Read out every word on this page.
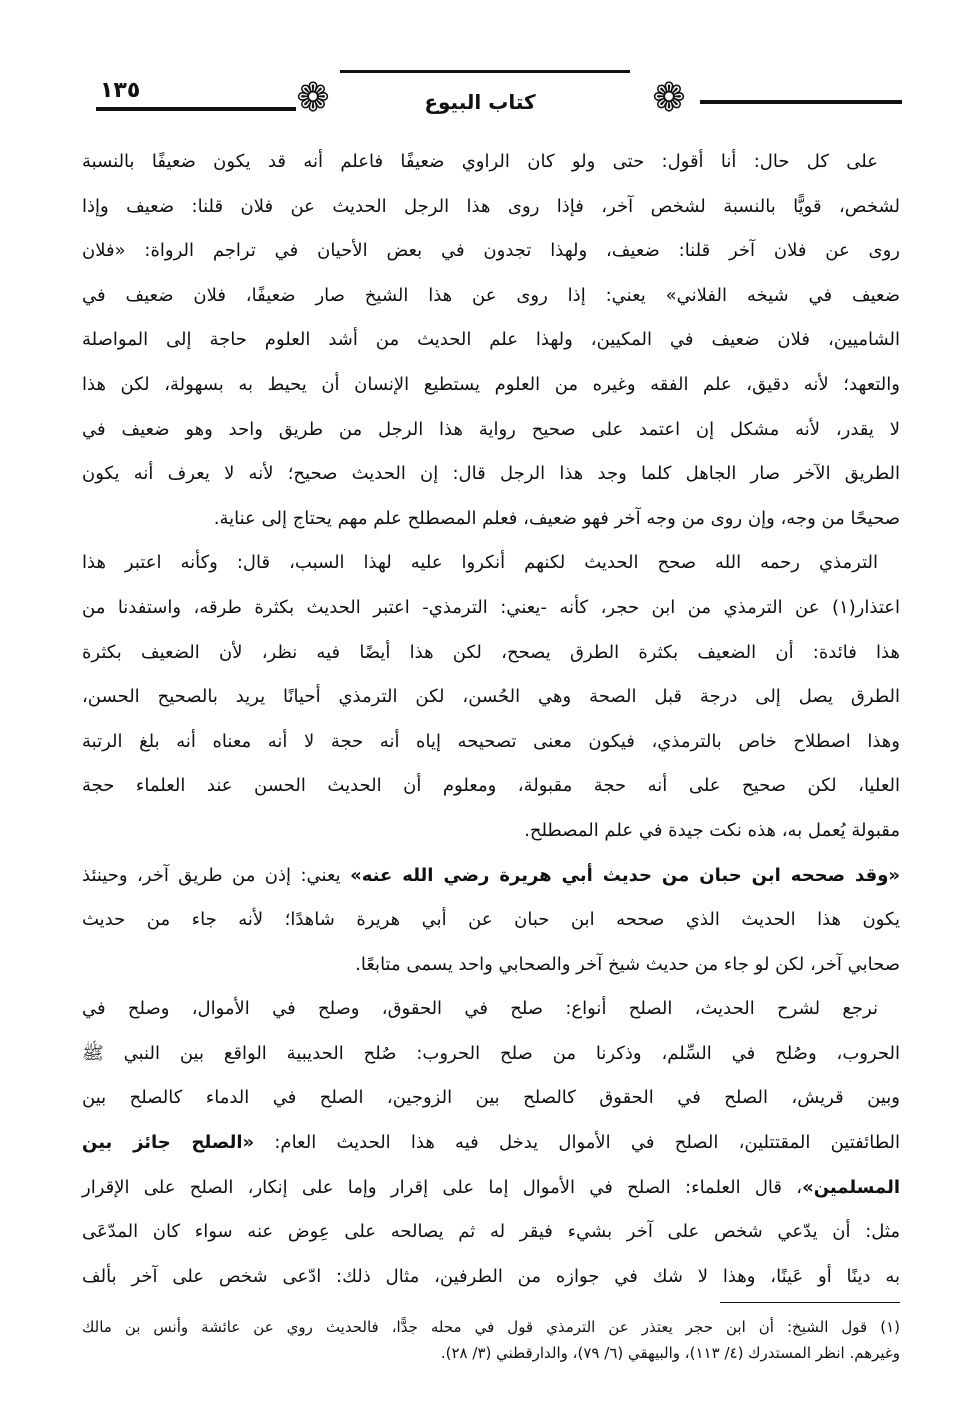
١٣٥	❁	كتاب البيوع	❁
على كل حال: أنا أقول: حتى ولو كان الراوي ضعيفًا فاعلم أنه قد يكون ضعيفًا بالنسبة
لشخص، قويًّا بالنسبة لشخص آخر، فإذا روى هذا الرجل الحديث عن فلان قلنا: ضعيف وإذا
روى عن فلان آخر قلنا: ضعيف، ولهذا تجدون في بعض الأحيان في تراجم الرواة: «فلان
ضعيف في شيخه الفلاني» يعني: إذا روى عن هذا الشيخ صار ضعيفًا، فلان ضعيف في
الشاميين، فلان ضعيف في المكيين، ولهذا علم الحديث من أشد العلوم حاجة إلى المواصلة
والتعهد؛ لأنه دقيق، علم الفقه وغيره من العلوم يستطيع الإنسان أن يحيط به بسهولة، لكن هذا
لا يقدر، لأنه مشكل إن اعتمد على صحيح رواية هذا الرجل من طريق واحد وهو ضعيف في
الطريق الآخر صار الجاهل كلما وجد هذا الرجل قال: إن الحديث صحيح؛ لأنه لا يعرف أنه يكون
صحيحًا من وجه، وإن روى من وجه آخر فهو ضعيف، فعلم المصطلح علم مهم يحتاج إلى عناية.
الترمذي رحمه الله صحح الحديث لكنهم أنكروا عليه لهذا السبب، قال: وكأنه اعتبر هذا
اعتذار(١) عن الترمذي من ابن حجر، كأنه -يعني: الترمذي- اعتبر الحديث بكثرة طرقه، واستفدنا من
هذا فائدة: أن الضعيف بكثرة الطرق يصحح، لكن هذا أيضًا فيه نظر، لأن الضعيف بكثرة
الطرق يصل إلى درجة قبل الصحة وهي الحُسن، لكن الترمذي أحيانًا يريد بالصحيح الحسن،
وهذا اصطلاح خاص بالترمذي، فيكون معنى تصحيحه إياه أنه حجة لا أنه معناه أنه بلغ الرتبة
العليا، لكن صحيح على أنه حجة مقبولة، ومعلوم أن الحديث الحسن عند العلماء حجة
مقبولة يُعمل به، هذه نكت جيدة في علم المصطلح.
«وقد صححه ابن حبان من حديث أبي هريرة رضي الله عنه» يعني: إذن من طريق آخر، وحينئذ
يكون هذا الحديث الذي صححه ابن حبان عن أبي هريرة شاهدًا؛ لأنه جاء من حديث
صحابي آخر، لكن لو جاء من حديث شيخ آخر والصحابي واحد يسمى متابعًا.
نرجع لشرح الحديث، الصلح أنواع: صلح في الحقوق، وصلح في الأموال، وصلح في
الحروب، وصُلح في السِّلم، وذكرنا من صلح الحروب: صُلح الحديبية الواقع بين النبي ﷺ
وبين قريش، الصلح في الحقوق كالصلح بين الزوجين، الصلح في الدماء كالصلح بين
الطائفتين المقتتلين، الصلح في الأموال يدخل فيه هذا الحديث العام: «الصلح جائز بين
المسلمين»، قال العلماء: الصلح في الأموال إما على إقرار وإما على إنكار، الصلح على الإقرار
مثل: أن يدّعي شخص على آخر بشيء فيقر له ثم يصالحه على عِوض عنه سواء كان المدّعَى
به دينًا أو عَينًا، وهذا لا شك في جوازه من الطرفين، مثال ذلك: ادّعى شخص على آخر بألف
(١) قول الشيخ: أن ابن حجر يعتذر عن الترمذي قول في محله جدًّا، فالحديث روي عن عائشة وأنس بن مالك
وغيرهم. انظر المستدرك (٤/ ١١٣)، والبيهقي (٦/ ٧٩)، والدارقطني (٣/ ٢٨).
